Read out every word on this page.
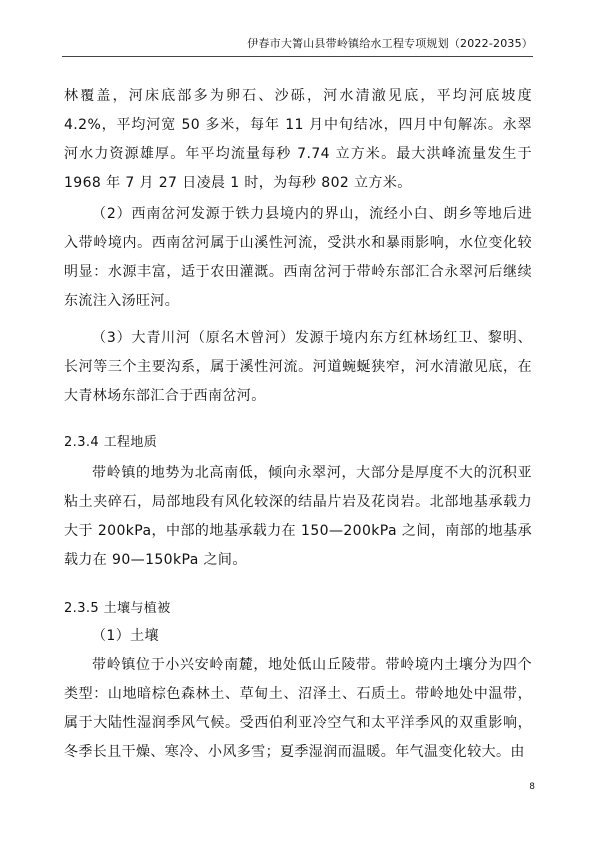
伊春市大箐山县带岭镇给水工程专项规划（2022-2035）

林覆盖，河床底部多为卵石、沙砾，河水清澈见底，平均河底坡度 4.2%，平均河宽 50 多米，每年 11 月中旬结冰，四月中旬解冻。永翠河水力资源雄厚。年平均流量每秒 7.74 立方米。最大洪峰流量发生于 1968 年 7 月 27 日凌晨 1 时，为每秒 802 立方米。

（2）西南岔河发源于铁力县境内的界山，流经小白、朗乡等地后进入带岭境内。西南岔河属于山溪性河流，受洪水和暴雨影响，水位变化较明显：水源丰富，适于农田灌溉。西南岔河于带岭东部汇合永翠河后继续东流注入汤旺河。

（3）大青川河（原名木曾河）发源于境内东方红林场红卫、黎明、长河等三个主要沟系，属于溪性河流。河道蜿蜒狭窄，河水清澈见底，在大青林场东部汇合于西南岔河。

2.3.4 工程地质

带岭镇的地势为北高南低，倾向永翠河，大部分是厚度不大的沉积亚粘土夹碎石，局部地段有风化较深的结晶片岩及花岗岩。北部地基承载力大于 200kPa，中部的地基承载力在 150—200kPa 之间，南部的地基承载力在 90—150kPa 之间。

2.3.5 土壤与植被

（1）土壤

带岭镇位于小兴安岭南麓，地处低山丘陵带。带岭境内土壤分为四个类型：山地暗棕色森林土、草甸土、沼泽土、石质土。带岭地处中温带，属于大陆性湿润季风气候。受西伯利亚冷空气和太平洋季风的双重影响，冬季长且干燥、寒冷、小风多雪；夏季湿润而温暖。年气温变化较大。由

8
